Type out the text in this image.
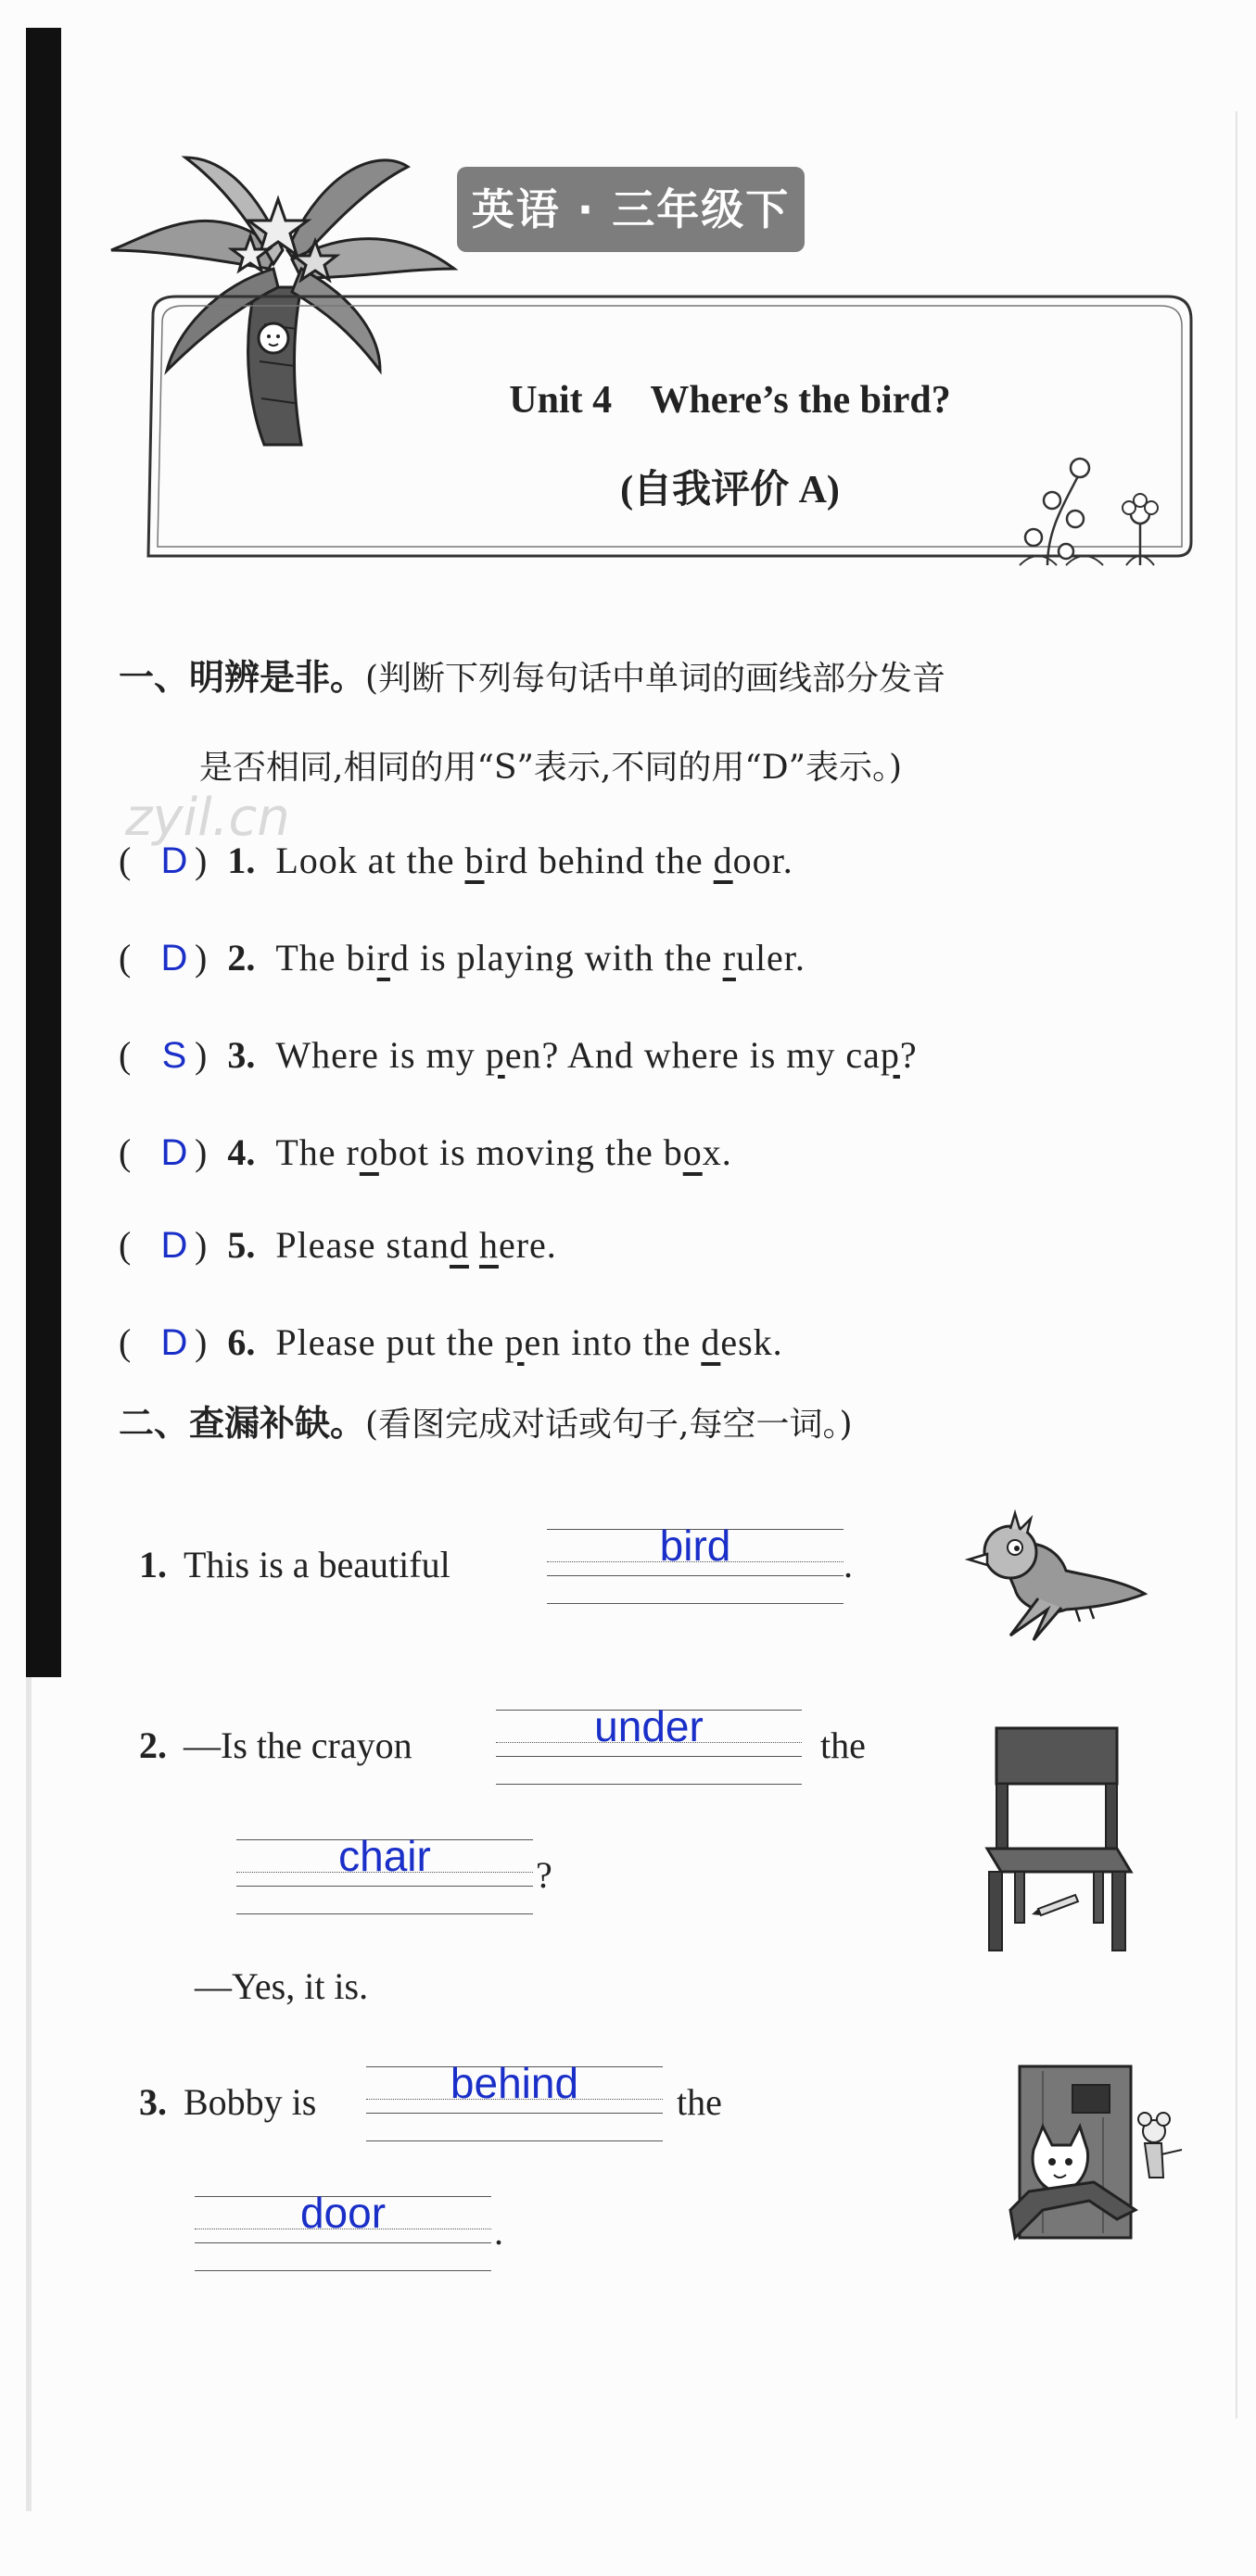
英语 · 三年级下
Unit 4    Where’s the bird?
(自我评价 A)
一、明辨是非。(判断下列每句话中单词的画线部分发音
是否相同,相同的用“S”表示,不同的用“D”表示。)
zyil.cn
( D ) 1. Look at the bird behind the door.
( D ) 2. The bird is playing with the ruler.
( S ) 3. Where is my pen? And where is my cap?
( D ) 4. The robot is moving the box.
( D ) 5. Please stand here.
( D ) 6. Please put the pen into the desk.
二、查漏补缺。(看图完成对话或句子,每空一词。)
1. This is a beautiful	bird	.
2. —Is the crayon	under	the
chair	?
—Yes, it is.
3. Bobby is	behind	the
door	.
